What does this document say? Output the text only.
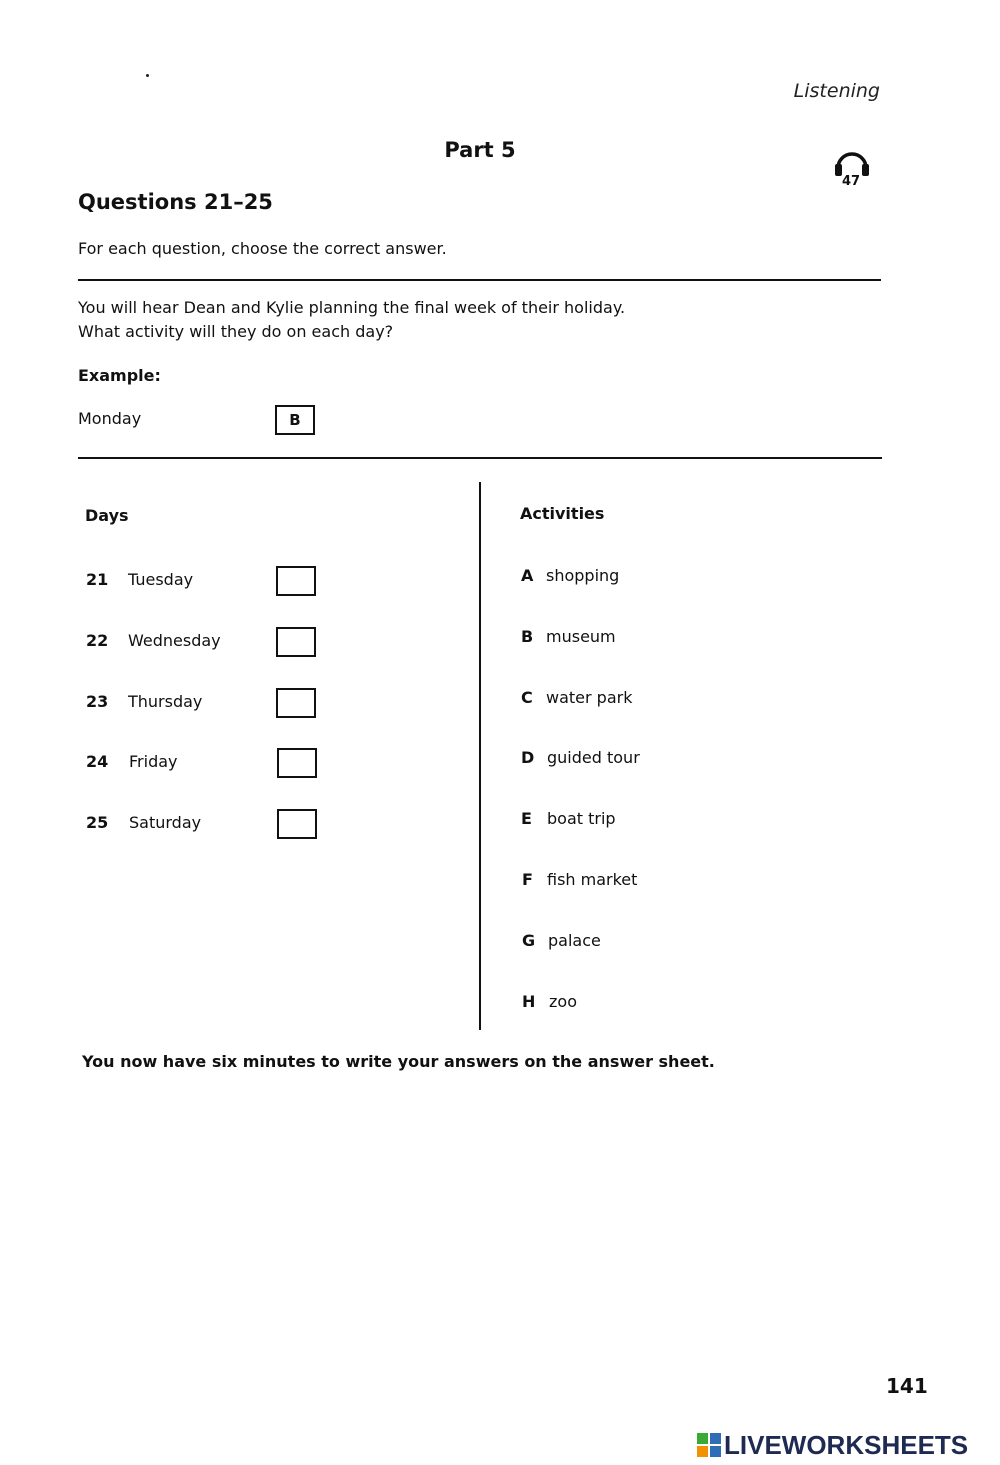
Listening
Part 5
47
Questions 21–25
For each question, choose the correct answer.
You will hear Dean and Kylie planning the final week of their holiday.
What activity will they do on each day?
Example:
Monday	B
Days	Activities
21 Tuesday
22 Wednesday
23 Thursday
24 Friday
25 Saturday
A shopping
B museum
C water park
D guided tour
E boat trip
F fish market
G palace
H zoo
You now have six minutes to write your answers on the answer sheet.
141
LIVEWORKSHEETS
